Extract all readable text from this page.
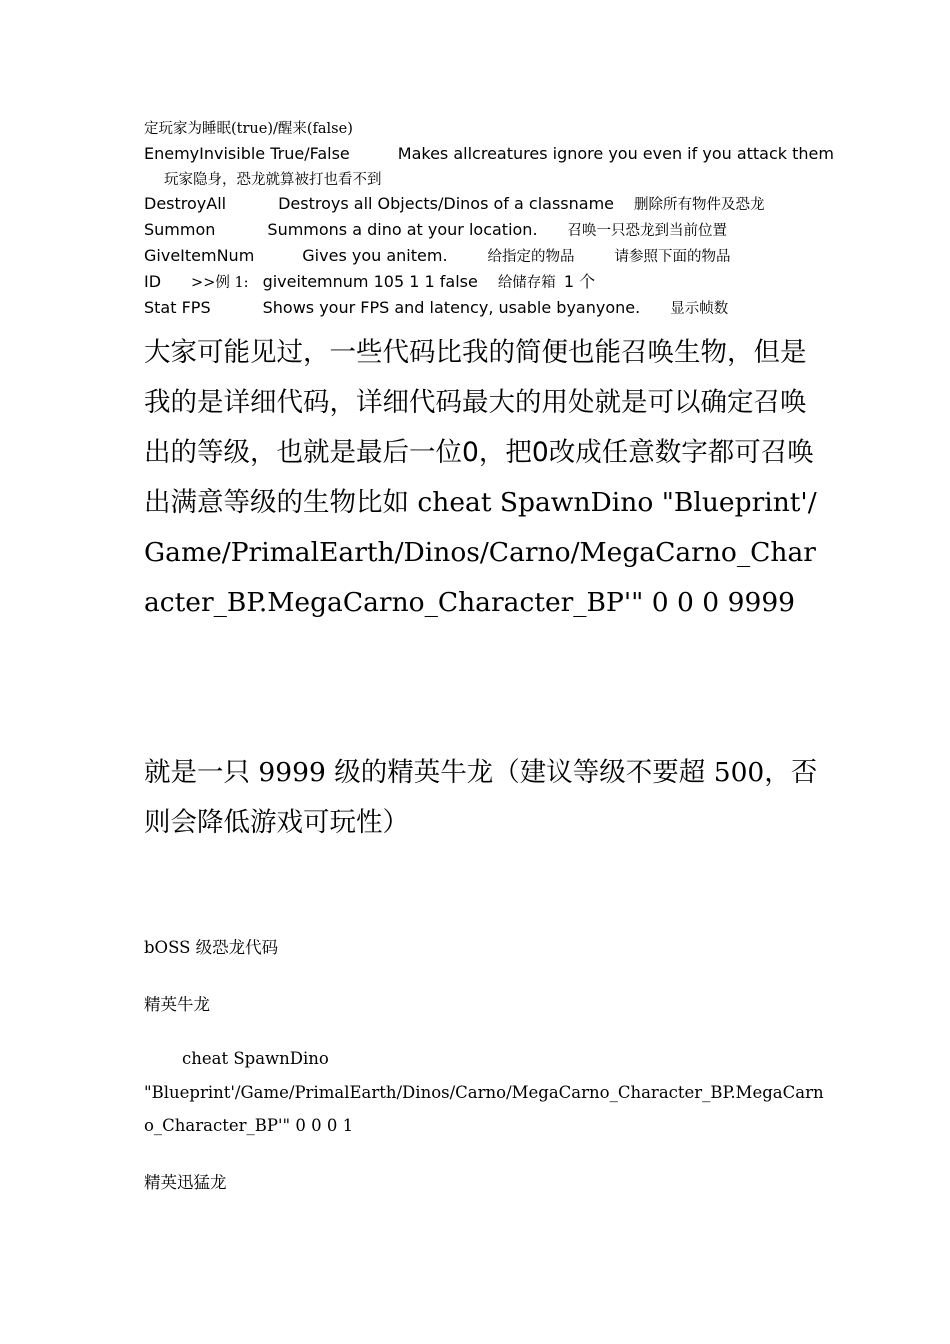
定玩家为睡眠(true)/醒来(false)
EnemyInvisible True/False	Makes allcreatures ignore you even if you attack them玩家隐身，恐龙就算被打也看不到
DestroyAll	Destroys all Objects/Dinos of a classname 删除所有物件及恐龙
Summon	Summons a dino at your location. 召唤一只恐龙到当前位置
GiveItemNum	Gives you anitem.	给指定的物品	请参照下面的物品
ID >>例 1: giveitemnum 105 1 1 false 给储存箱 1 个
Stat FPS	Shows your FPS and latency, usable byanyone. 显示帧数
大家可能见过，一些代码比我的简便也能召唤生物，但是我的是详细代码，详细代码最大的用处就是可以确定召唤出的等级，也就是最后一位0，把0改成任意数字都可召唤出满意等级的生物比如 cheat SpawnDino "Blueprint'/Game/PrimalEarth/Dinos/Carno/MegaCarno_Character_BP.MegaCarno_Character_BP'" 0 0 0 9999
就是一只 9999 级的精英牛龙（建议等级不要超 500，否则会降低游戏可玩性）
bOSS 级恐龙代码
精英牛龙
cheat SpawnDino
"Blueprint'/Game/PrimalEarth/Dinos/Carno/MegaCarno_Character_BP.MegaCarno_Character_BP'" 0 0 0 1
精英迅猛龙
